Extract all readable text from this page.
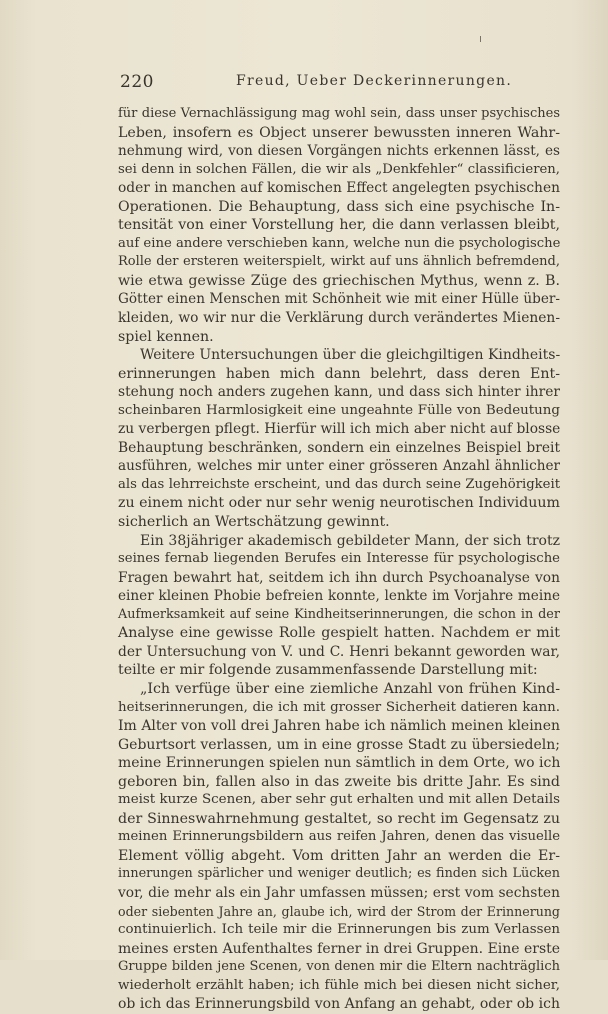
220	Freud, Ueber Deckerinnerungen.
für diese Vernachlässigung mag wohl sein, dass unser psychisches
Leben, insofern es Object unserer bewussten inneren Wahr-
nehmung wird, von diesen Vorgängen nichts erkennen lässt, es
sei denn in solchen Fällen, die wir als „Denkfehler“ classificieren,
oder in manchen auf komischen Effect angelegten psychischen
Operationen. Die Behauptung, dass sich eine psychische In-
tensität von einer Vorstellung her, die dann verlassen bleibt,
auf eine andere verschieben kann, welche nun die psychologische
Rolle der ersteren weiterspielt, wirkt auf uns ähnlich befremdend,
wie etwa gewisse Züge des griechischen Mythus, wenn z. B.
Götter einen Menschen mit Schönheit wie mit einer Hülle über-
kleiden, wo wir nur die Verklärung durch verändertes Mienen-
spiel kennen.
Weitere Untersuchungen über die gleichgiltigen Kindheits-
erinnerungen haben mich dann belehrt, dass deren Ent-
stehung noch anders zugehen kann, und dass sich hinter ihrer
scheinbaren Harmlosigkeit eine ungeahnte Fülle von Bedeutung
zu verbergen pflegt. Hierfür will ich mich aber nicht auf blosse
Behauptung beschränken, sondern ein einzelnes Beispiel breit
ausführen, welches mir unter einer grösseren Anzahl ähnlicher
als das lehrreichste erscheint, und das durch seine Zugehörigkeit
zu einem nicht oder nur sehr wenig neurotischen Individuum
sicherlich an Wertschätzung gewinnt.
Ein 38jähriger akademisch gebildeter Mann, der sich trotz
seines fernab liegenden Berufes ein Interesse für psychologische
Fragen bewahrt hat, seitdem ich ihn durch Psychoanalyse von
einer kleinen Phobie befreien konnte, lenkte im Vorjahre meine
Aufmerksamkeit auf seine Kindheitserinnerungen, die schon in der
Analyse eine gewisse Rolle gespielt hatten. Nachdem er mit
der Untersuchung von V. und C. Henri bekannt geworden war,
teilte er mir folgende zusammenfassende Darstellung mit:
„Ich verfüge über eine ziemliche Anzahl von frühen Kind-
heitserinnerungen, die ich mit grosser Sicherheit datieren kann.
Im Alter von voll drei Jahren habe ich nämlich meinen kleinen
Geburtsort verlassen, um in eine grosse Stadt zu übersiedeln;
meine Erinnerungen spielen nun sämtlich in dem Orte, wo ich
geboren bin, fallen also in das zweite bis dritte Jahr. Es sind
meist kurze Scenen, aber sehr gut erhalten und mit allen Details
der Sinneswahrnehmung gestaltet, so recht im Gegensatz zu
meinen Erinnerungsbildern aus reifen Jahren, denen das visuelle
Element völlig abgeht. Vom dritten Jahr an werden die Er-
innerungen spärlicher und weniger deutlich; es finden sich Lücken
vor, die mehr als ein Jahr umfassen müssen; erst vom sechsten
oder siebenten Jahre an, glaube ich, wird der Strom der Erinnerung
continuierlich. Ich teile mir die Erinnerungen bis zum Verlassen
meines ersten Aufenthaltes ferner in drei Gruppen. Eine erste
Gruppe bilden jene Scenen, von denen mir die Eltern nachträglich
wiederholt erzählt haben; ich fühle mich bei diesen nicht sicher,
ob ich das Erinnerungsbild von Anfang an gehabt, oder ob ich
